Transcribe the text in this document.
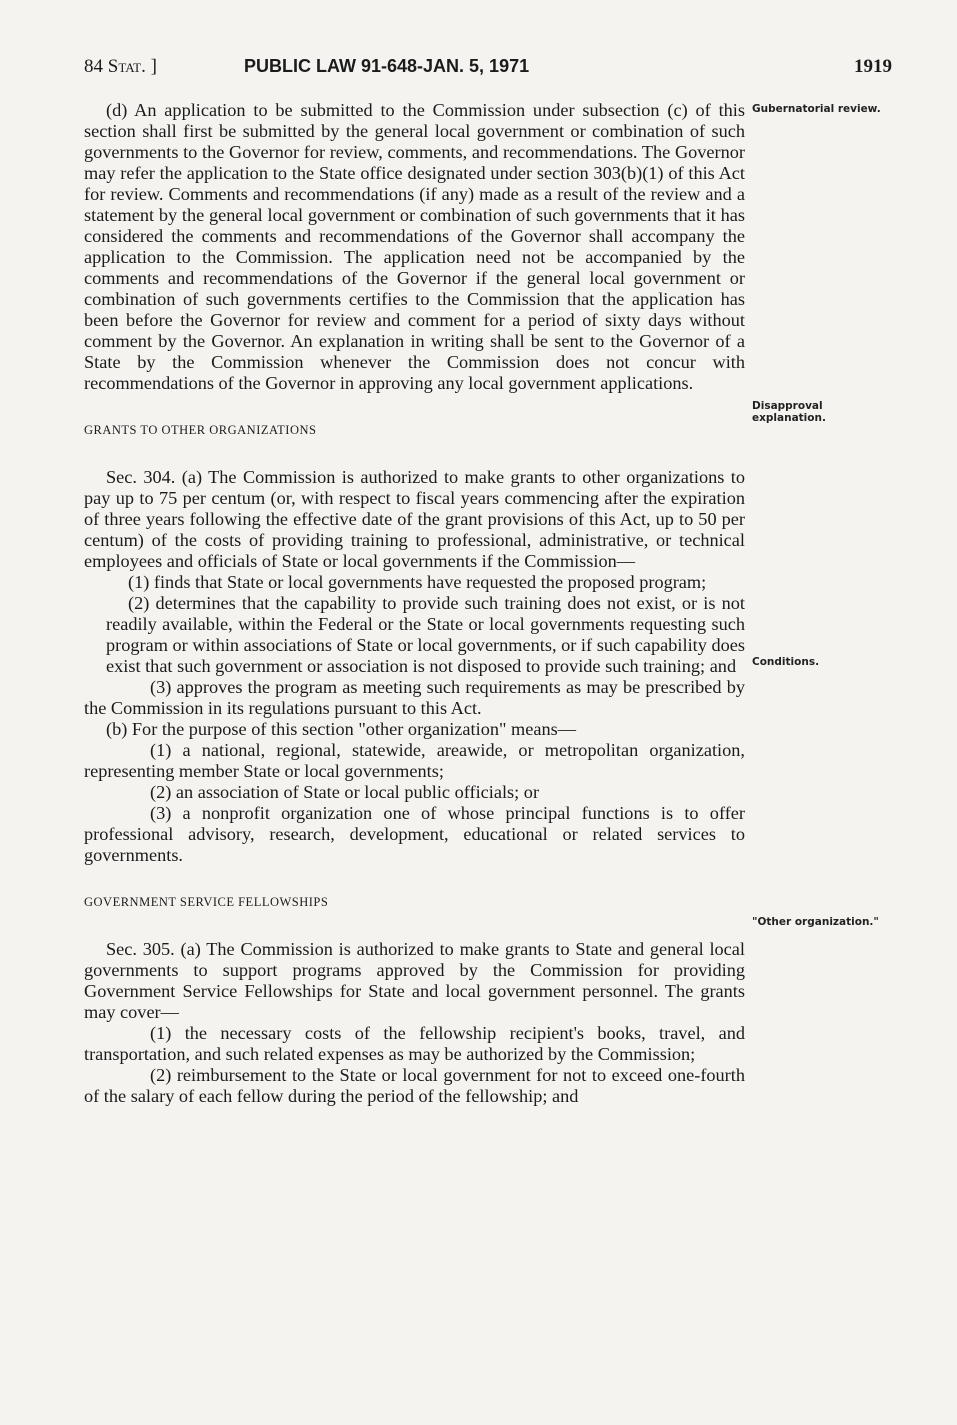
84 Stat. ]	PUBLIC LAW 91-648-JAN. 5, 1971	1919
Gubernatorial review.
Disapproval explanation.
Conditions.
"Other organization."

(d) An application to be submitted to the Commission under subsection (c) of this section shall first be submitted by the general local government or combination of such governments to the Governor for review, comments, and recommendations. The Governor may refer the application to the State office designated under section 303(b)(1) of this Act for review. Comments and recommendations (if any) made as a result of the review and a statement by the general local government or combination of such governments that it has considered the comments and recommendations of the Governor shall accompany the application to the Commission. The application need not be accompanied by the comments and recommendations of the Governor if the general local government or combination of such governments certifies to the Commission that the application has been before the Governor for review and comment for a period of sixty days without comment by the Governor. An explanation in writing shall be sent to the Governor of a State by the Commission whenever the Commission does not concur with recommendations of the Governor in approving any local government applications.

GRANTS TO OTHER ORGANIZATIONS

Sec. 304. (a) The Commission is authorized to make grants to other organizations to pay up to 75 per centum (or, with respect to fiscal years commencing after the expiration of three years following the effective date of the grant provisions of this Act, up to 50 per centum) of the costs of providing training to professional, administrative, or technical employees and officials of State or local governments if the Commission—

(1) finds that State or local governments have requested the proposed program;

(2) determines that the capability to provide such training does not exist, or is not readily available, within the Federal or the State or local governments requesting such program or within associations of State or local governments, or if such capability does exist that such government or association is not disposed to provide such training; and

(3) approves the program as meeting such requirements as may be prescribed by the Commission in its regulations pursuant to this Act.

(b) For the purpose of this section "other organization" means—

(1) a national, regional, statewide, areawide, or metropolitan organization, representing member State or local governments;

(2) an association of State or local public officials; or

(3) a nonprofit organization one of whose principal functions is to offer professional advisory, research, development, educational or related services to governments.

GOVERNMENT SERVICE FELLOWSHIPS

Sec. 305. (a) The Commission is authorized to make grants to State and general local governments to support programs approved by the Commission for providing Government Service Fellowships for State and local government personnel. The grants may cover—

(1) the necessary costs of the fellowship recipient's books, travel, and transportation, and such related expenses as may be authorized by the Commission;

(2) reimbursement to the State or local government for not to exceed one-fourth of the salary of each fellow during the period of the fellowship; and
